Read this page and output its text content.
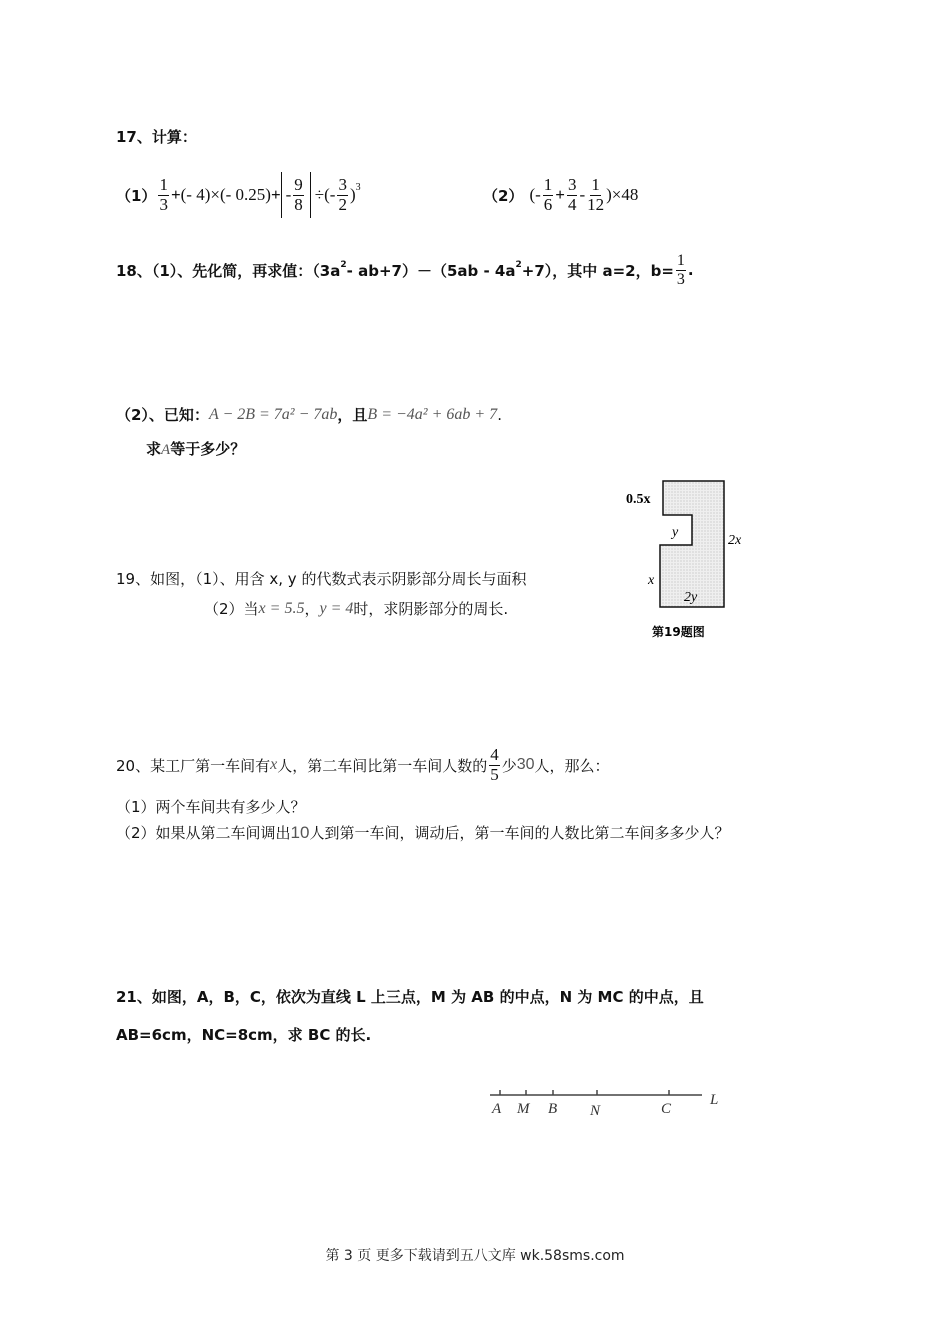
17、计算：
$(1) \frac{1}{3}$ + (- 4)×(- 0.25) + - $\frac{9}{8}$ ÷(- $\frac{3}{2} )^3$	（2） (- $\frac{1}{6} + \frac{3}{4} - \frac{1}{12} )\times 48$
18、（1）、先化简，再求值：$(3a^2 - ab+7)-(5ab - 4a^2 +7)$，其中 a=2，$b= \frac{1}{3}$ .
（2）、已知： A − 2B = 7a² − 7ab ，且 B = −4a² + 6ab + 7 .
求A等于多少？
19、如图，（1）、用含 x, y 的代数式表示阴影部分周长与面积
（2）当 x = 5.5 ， y = 4 时，求阴影部分的周长.
0.5x
y
2x
x
2y
第19题图
20、某工厂第一车间有 x 人，第二车间比第一车间人数的 $\frac{4}{5}$ 少 30 人，那么：
（1）两个车间共有多少人？
（2）如果从第二车间调出 10 人到第一车间，调动后，第一车间的人数比第二车间多多少人？
21、如图，A，B，C，依次为直线 L 上三点，M 为 AB 的中点，N 为 MC 的中点，且
AB=6cm，NC=8cm，求 BC 的长.
A M B N	C
L
第 3 页 更多下载请到五八文库 wk.58sms.com
